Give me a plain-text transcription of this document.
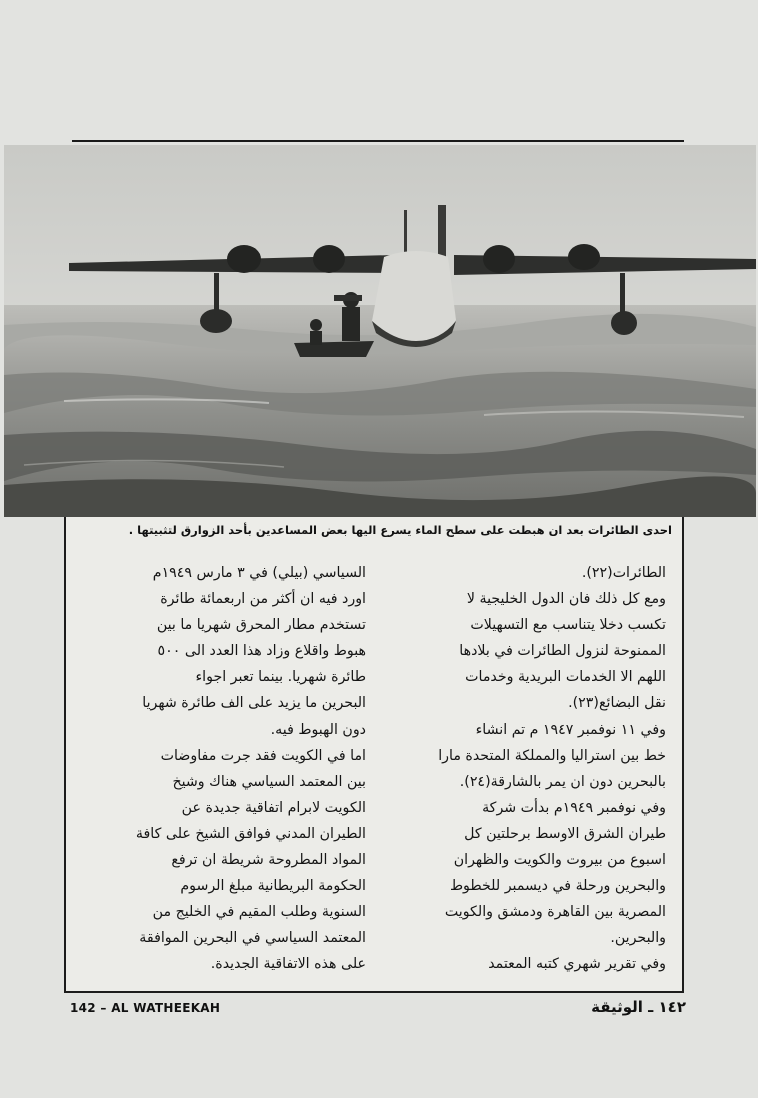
احدى الطائرات بعد ان هبطت على سطح الماء يسرع اليها بعض المساعدين بأحد الزوارق لتثبيتها .
الطائرات(٢٢).
ومع كل ذلك فان الدول الخليجية لا
تكسب دخلا يتناسب مع التسهيلات
الممنوحة لنزول الطائرات في بلادها
اللهم الا الخدمات البريدية وخدمات
نقل البضائع(٢٣).
وفي ١١ نوفمبر ١٩٤٧ م تم انشاء
خط بين استراليا والمملكة المتحدة مارا
بالبحرين دون ان يمر بالشارقة(٢٤).
وفي نوفمبر ١٩٤٩م بدأت شركة
طيران الشرق الاوسط برحلتين كل
اسبوع من بيروت والكويت والظهران
والبحرين ورحلة في ديسمبر للخطوط
المصرية بين القاهرة ودمشق والكويت
والبحرين.
وفي تقرير شهري كتبه المعتمد
السياسي (بيلي) في ٣ مارس ١٩٤٩م
اورد فيه ان أكثر من اربعمائة طائرة
تستخدم مطار المحرق شهريا ما بين
هبوط واقلاع وزاد هذا العدد الى ٥٠٠
طائرة شهريا. بينما تعبر اجواء
البحرين ما يزيد على الف طائرة شهريا
دون الهبوط فيه.
اما في الكويت فقد جرت مفاوضات
بين المعتمد السياسي هناك وشيخ
الكويت لابرام اتفاقية جديدة عن
الطيران المدني فوافق الشيخ على كافة
المواد المطروحة شريطة ان ترفع
الحكومة البريطانية مبلغ الرسوم
السنوية وطلب المقيم في الخليج من
المعتمد السياسي في البحرين الموافقة
على هذه الاتفاقية الجديدة.
142 – AL WATHEEKAH	١٤٢ ـ الوثيقة
